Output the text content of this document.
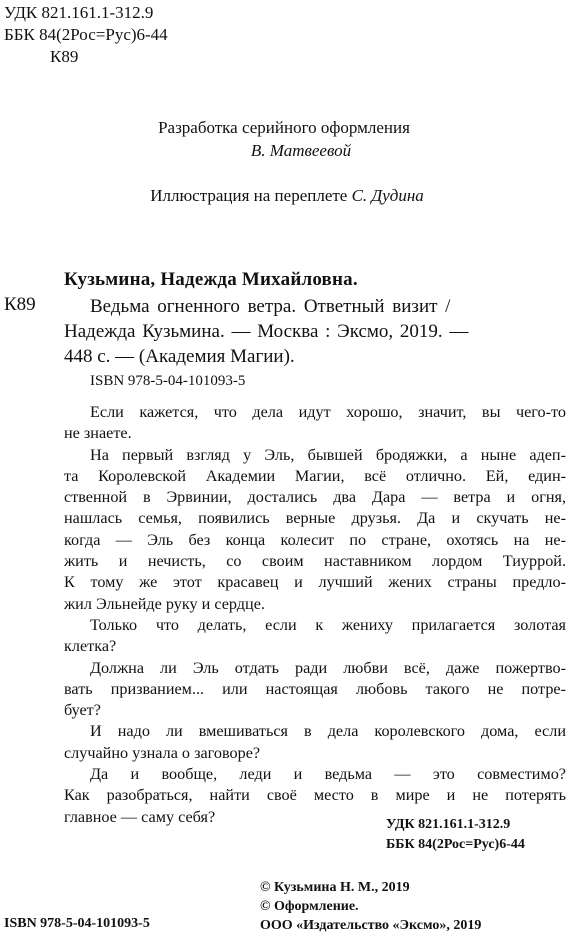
УДК 821.161.1-312.9
ББК 84(2Рос=Рус)6-44
К89
Разработка серийного оформления
В. Матвеевой
Иллюстрация на переплете С. Дудина
Кузьмина, Надежда Михайловна.
К89	Ведьма огненного ветра. Ответный визит /
Надежда Кузьмина. — Москва : Эксмо, 2019. —
448 с. — (Академия Магии).
ISBN 978-5-04-101093-5
Если кажется, что дела идут хорошо, значит, вы чего-то
не знаете.
На первый взгляд у Эль, бывшей бродяжки, а ныне адеп-
та Королевской Академии Магии, всё отлично. Ей, един-
ственной в Эрвинии, достались два Дара — ветра и огня,
нашлась семья, появились верные друзья. Да и скучать не-
когда — Эль без конца колесит по стране, охотясь на не-
жить и нечисть, со своим наставником лордом Тиуррой.
К тому же этот красавец и лучший жених страны предло-
жил Эльнейде руку и сердце.
Только что делать, если к жениху прилагается золотая
клетка?
Должна ли Эль отдать ради любви всё, даже пожертво-
вать призванием... или настоящая любовь такого не потре-
бует?
И надо ли вмешиваться в дела королевского дома, если
случайно узнала о заговоре?
Да и вообще, леди и ведьма — это совместимо?
Как разобраться, найти своё место в мире и не потерять
главное — саму себя?	УДК 821.161.1-312.9
ББК 84(2Рос=Рус)6-44
© Кузьмина Н. М., 2019
© Оформление.
ООО «Издательство «Эксмо», 2019
ISBN 978-5-04-101093-5
